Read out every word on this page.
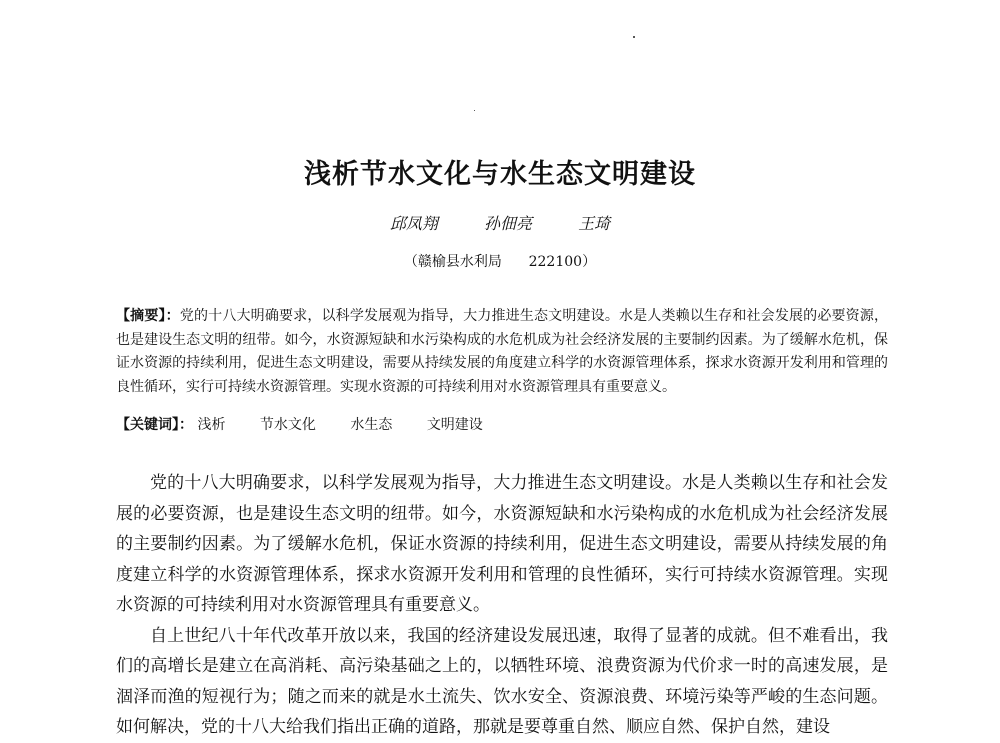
浅析节水文化与水生态文明建设
邱凤翔  孙佃亮  王琦
（赣榆县水利局      222100）
【摘要】：党的十八大明确要求，以科学发展观为指导，大力推进生态文明建设。水是人类赖以生存和社会发展的必要资源，也是建设生态文明的纽带。如今，水资源短缺和水污染构成的水危机成为社会经济发展的主要制约因素。为了缓解水危机，保证水资源的持续利用，促进生态文明建设，需要从持续发展的角度建立科学的水资源管理体系，探求水资源开发利用和管理的良性循环，实行可持续水资源管理。实现水资源的可持续利用对水资源管理具有重要意义。
【关键词】： 浅析 节水文化 水生态 文明建设

党的十八大明确要求，以科学发展观为指导，大力推进生态文明建设。水是人类赖以生存和社会发展的必要资源，也是建设生态文明的纽带。如今，水资源短缺和水污染构成的水危机成为社会经济发展的主要制约因素。为了缓解水危机，保证水资源的持续利用，促进生态文明建设，需要从持续发展的角度建立科学的水资源管理体系，探求水资源开发利用和管理的良性循环，实行可持续水资源管理。实现水资源的可持续利用对水资源管理具有重要意义。

自上世纪八十年代改革开放以来，我国的经济建设发展迅速，取得了显著的成就。但不难看出，我们的高增长是建立在高消耗、高污染基础之上的，以牺牲环境、浪费资源为代价求一时的高速发展，是涸泽而渔的短视行为；随之而来的就是水土流失、饮水安全、资源浪费、环境污染等严峻的生态问题。如何解决，党的十八大给我们指出正确的道路，那就是要尊重自然、顺应自然、保护自然，建设
